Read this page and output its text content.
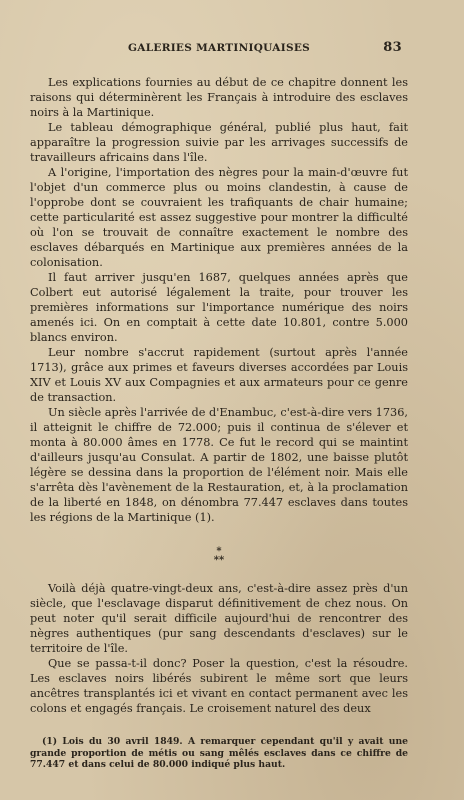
GALERIES MARTINIQUAISES	83

Les explications fournies au début de ce chapitre donnent les raisons qui déterminèrent les Français à introduire des esclaves noirs à la Martinique.

Le tableau démographique général, publié plus haut, fait apparaître la progression suivie par les arrivages successifs de travailleurs africains dans l'île.

A l'origine, l'importation des nègres pour la main-d'œuvre fut l'objet d'un commerce plus ou moins clandestin, à cause de l'opprobe dont se couvraient les trafiquants de chair humaine; cette particularité est assez suggestive pour montrer la difficulté où l'on se trouvait de connaître exactement le nombre des esclaves débarqués en Martinique aux premières années de la colonisation.

Il faut arriver jusqu'en 1687, quelques années après que Colbert eut autorisé légalement la traite, pour trouver les premières informations sur l'importance numérique des noirs amenés ici. On en comptait à cette date 10.801, contre 5.000 blancs environ.

Leur nombre s'accrut rapidement (surtout après l'année 1713), grâce aux primes et faveurs diverses accordées par Louis XIV et Louis XV aux Compagnies et aux armateurs pour ce genre de transaction.

Un siècle après l'arrivée de d'Enambuc, c'est-à-dire vers 1736, il atteignit le chiffre de 72.000; puis il continua de s'élever et monta à 80.000 âmes en 1778. Ce fut le record qui se maintint d'ailleurs jusqu'au Consulat. A partir de 1802, une baisse plutôt légère se dessina dans la proportion de l'élément noir. Mais elle s'arrêta dès l'avènement de la Restauration, et, à la proclamation de la liberté en 1848, on dénombra 77.447 esclaves dans toutes les régions de la Martinique (1).

*
**

Voilà déjà quatre-vingt-deux ans, c'est-à-dire assez près d'un siècle, que l'esclavage disparut définitivement de chez nous. On peut noter qu'il serait difficile aujourd'hui de rencontrer des nègres authentiques (pur sang descendants d'esclaves) sur le territoire de l'île.

Que se passa-t-il donc? Poser la question, c'est la résoudre. Les esclaves noirs libérés subirent le même sort que leurs ancêtres transplantés ici et vivant en contact permanent avec les colons et engagés français. Le croisement naturel des deux

(1) Lois du 30 avril 1849. A remarquer cependant qu'il y avait une grande proportion de métis ou sang mêlés esclaves dans ce chiffre de 77.447 et dans celui de 80.000 indiqué plus haut.
